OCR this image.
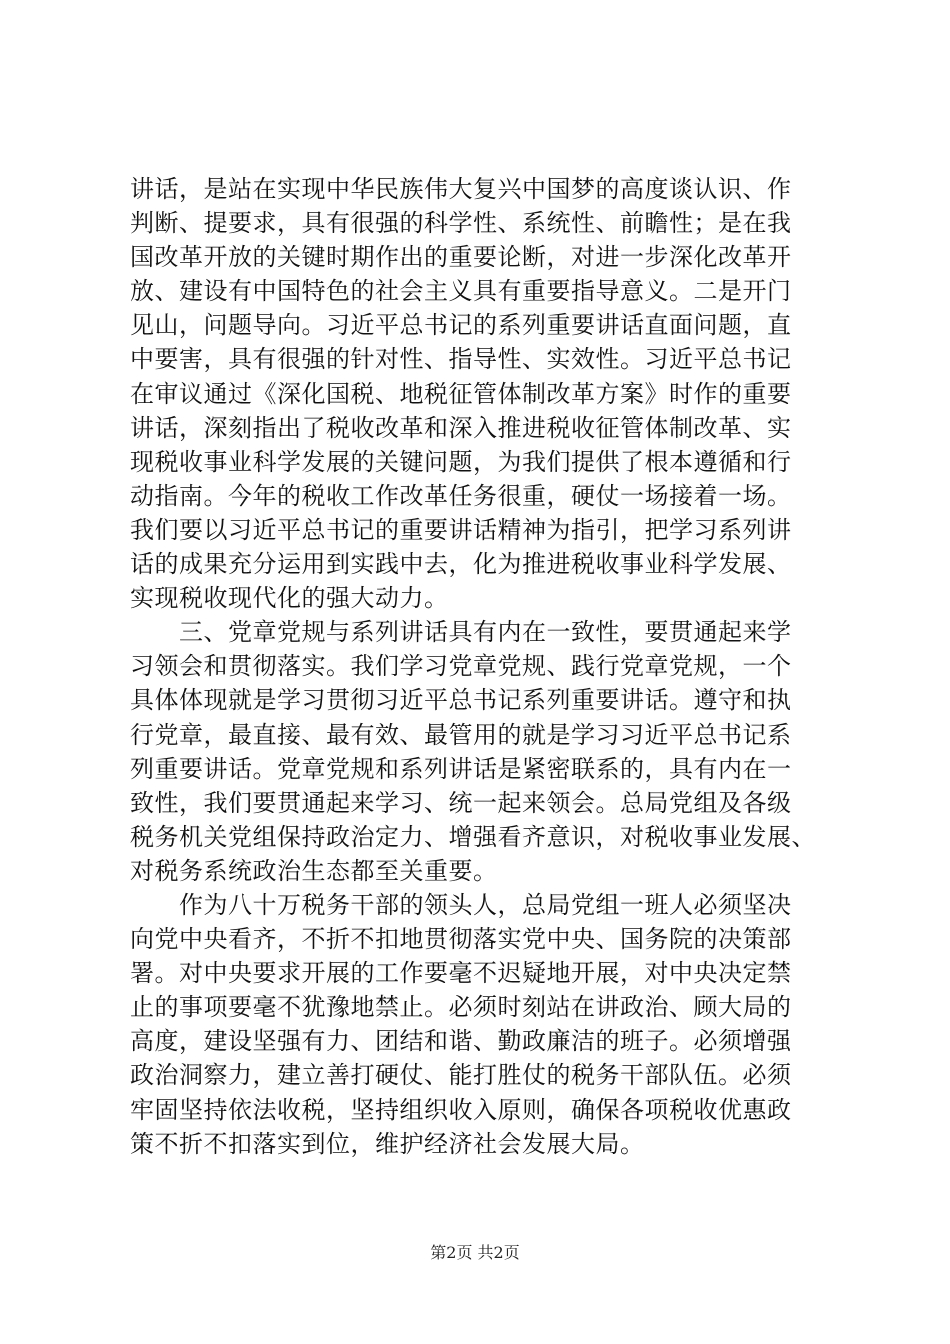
讲话，是站在实现中华民族伟大复兴中国梦的高度谈认识、作
判断、提要求，具有很强的科学性、系统性、前瞻性；是在我
国改革开放的关键时期作出的重要论断，对进一步深化改革开
放、建设有中国特色的社会主义具有重要指导意义。二是开门
见山，问题导向。习近平总书记的系列重要讲话直面问题，直
中要害，具有很强的针对性、指导性、实效性。习近平总书记
在审议通过《深化国税、地税征管体制改革方案》时作的重要
讲话，深刻指出了税收改革和深入推进税收征管体制改革、实
现税收事业科学发展的关键问题，为我们提供了根本遵循和行
动指南。今年的税收工作改革任务很重，硬仗一场接着一场。
我们要以习近平总书记的重要讲话精神为指引，把学习系列讲
话的成果充分运用到实践中去，化为推进税收事业科学发展、
实现税收现代化的强大动力。
　　三、党章党规与系列讲话具有内在一致性，要贯通起来学
习领会和贯彻落实。我们学习党章党规、践行党章党规，一个
具体体现就是学习贯彻习近平总书记系列重要讲话。遵守和执
行党章，最直接、最有效、最管用的就是学习习近平总书记系
列重要讲话。党章党规和系列讲话是紧密联系的，具有内在一
致性，我们要贯通起来学习、统一起来领会。总局党组及各级
税务机关党组保持政治定力、增强看齐意识，对税收事业发展、
对税务系统政治生态都至关重要。
　　作为八十万税务干部的领头人，总局党组一班人必须坚决
向党中央看齐，不折不扣地贯彻落实党中央、国务院的决策部
署。对中央要求开展的工作要毫不迟疑地开展，对中央决定禁
止的事项要毫不犹豫地禁止。必须时刻站在讲政治、顾大局的
高度，建设坚强有力、团结和谐、勤政廉洁的班子。必须增强
政治洞察力，建立善打硬仗、能打胜仗的税务干部队伍。必须
牢固坚持依法收税，坚持组织收入原则，确保各项税收优惠政
策不折不扣落实到位，维护经济社会发展大局。
第2页 共2页
